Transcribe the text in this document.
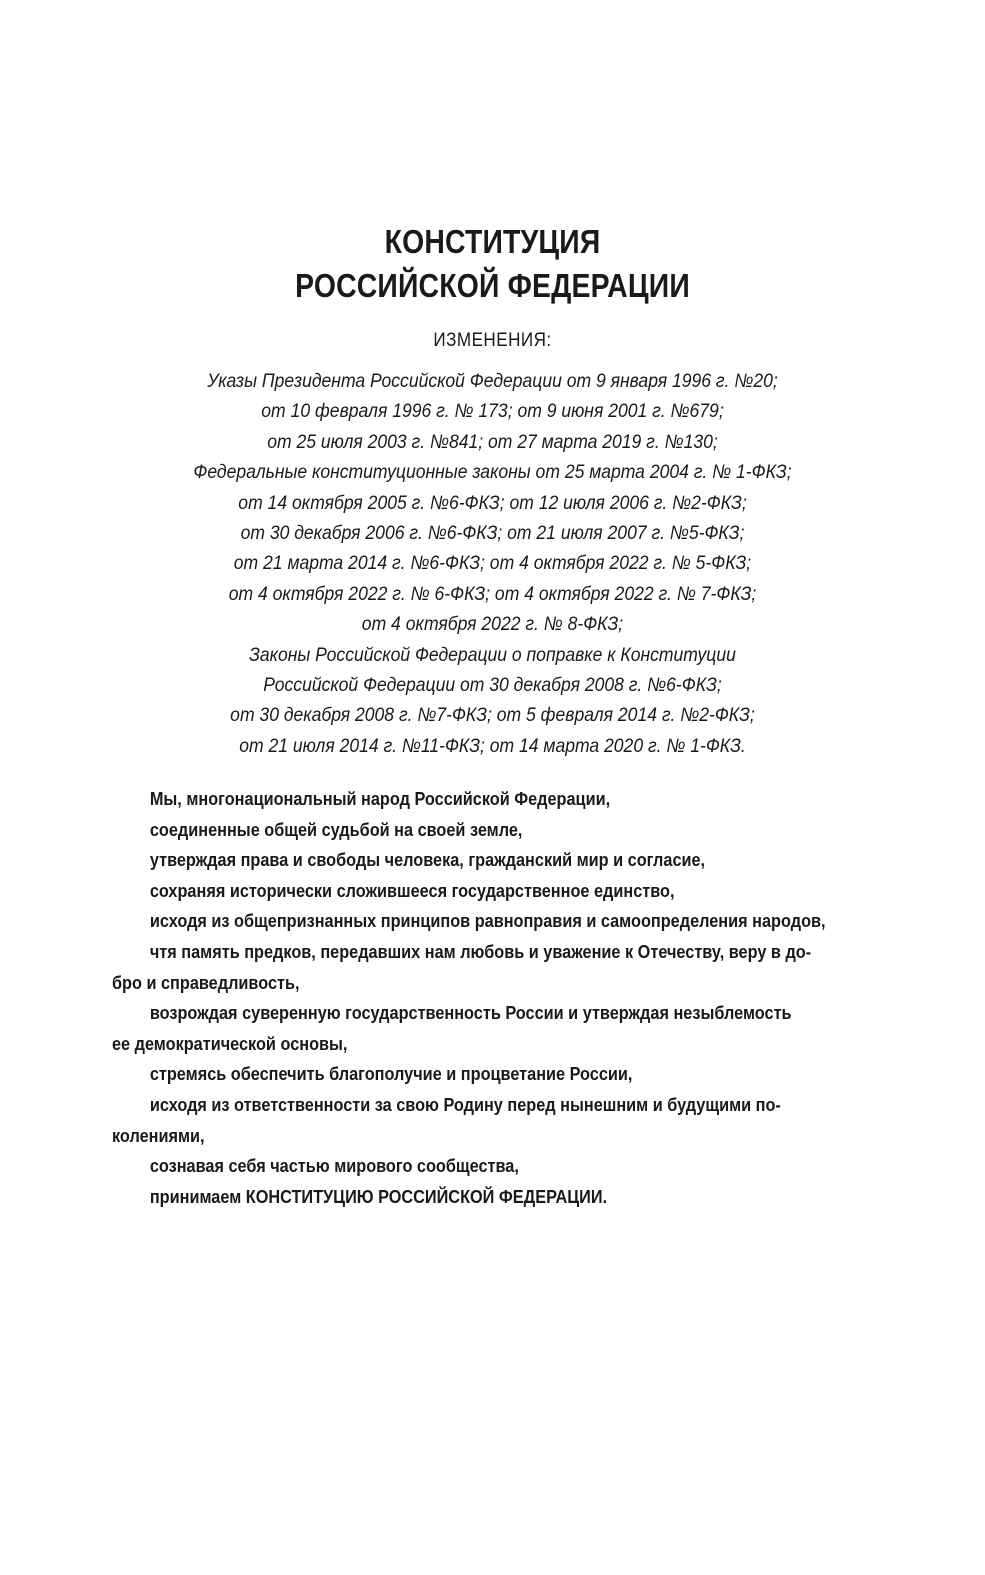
КОНСТИТУЦИЯ
РОССИЙСКОЙ ФЕДЕРАЦИИ
ИЗМЕНЕНИЯ:
Указы Президента Российской Федерации от 9 января 1996 г. №20;
от 10 февраля 1996 г. № 173; от 9 июня 2001 г. №679;
от 25 июля 2003 г. №841; от 27 марта 2019 г. №130;
Федеральные конституционные законы от 25 марта 2004 г. № 1-ФКЗ;
от 14 октября 2005 г. №6-ФКЗ; от 12 июля 2006 г. №2-ФКЗ;
от 30 декабря 2006 г. №6-ФКЗ; от 21 июля 2007 г. №5-ФКЗ;
от 21 марта 2014 г. №6-ФКЗ; от 4 октября 2022 г. № 5-ФКЗ;
от 4 октября 2022 г. № 6-ФКЗ; от 4 октября 2022 г. № 7-ФКЗ;
от 4 октября 2022 г. № 8-ФКЗ;
Законы Российской Федерации о поправке к Конституции
Российской Федерации от 30 декабря 2008 г. №6-ФКЗ;
от 30 декабря 2008 г. №7-ФКЗ; от 5 февраля 2014 г. №2-ФКЗ;
от 21 июля 2014 г. №11-ФКЗ; от 14 марта 2020 г. № 1-ФКЗ.
Мы, многонациональный народ Российской Федерации,
соединенные общей судьбой на своей земле,
утверждая права и свободы человека, гражданский мир и согласие,
сохраняя исторически сложившееся государственное единство,
исходя из общепризнанных принципов равноправия и самоопределения народов,
чтя память предков, передавших нам любовь и уважение к Отечеству, веру в до-
бро и справедливость,
возрождая суверенную государственность России и утверждая незыблемость
ее демократической основы,
стремясь обеспечить благополучие и процветание России,
исходя из ответственности за свою Родину перед нынешним и будущими по-
колениями,
сознавая себя частью мирового сообщества,
принимаем КОНСТИТУЦИЮ РОССИЙСКОЙ ФЕДЕРАЦИИ.
